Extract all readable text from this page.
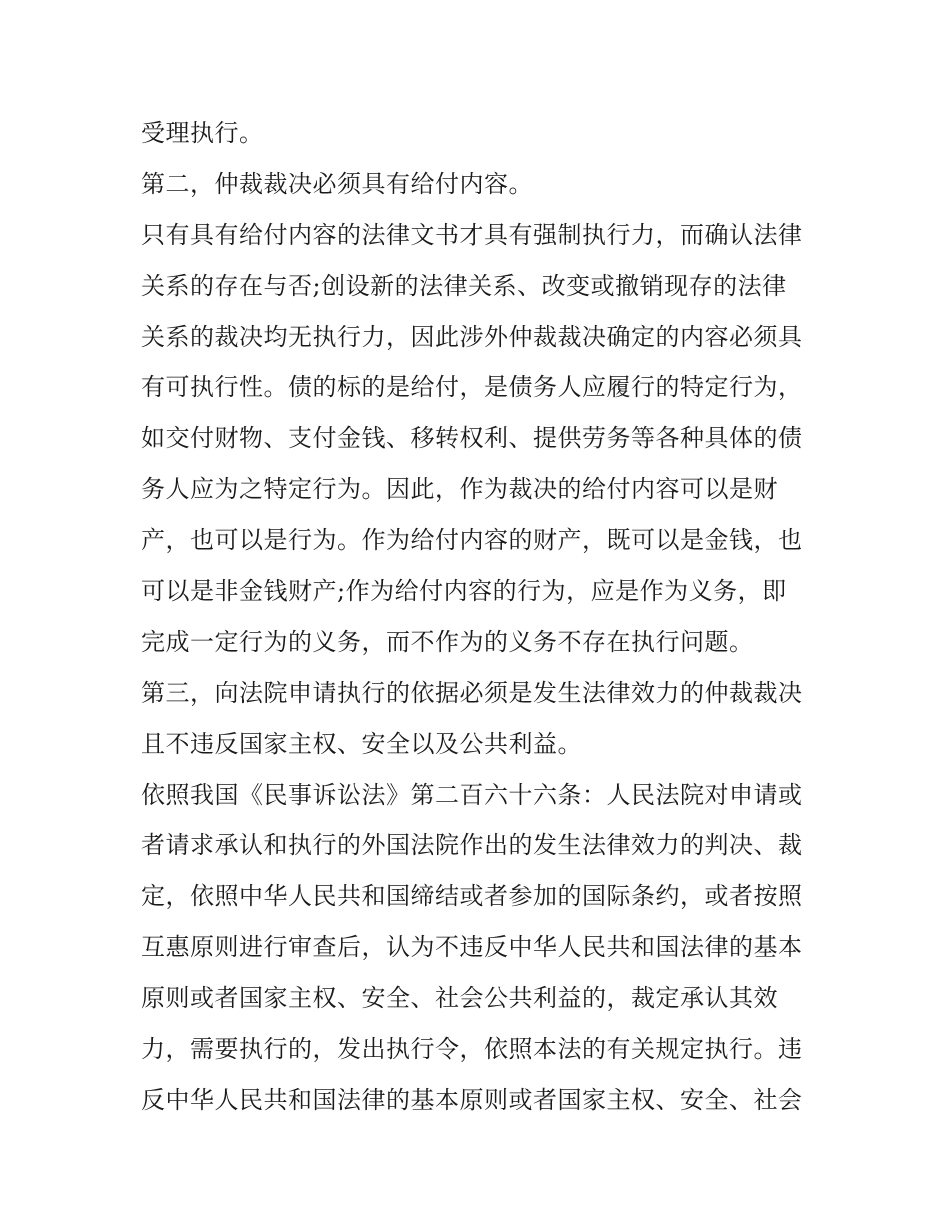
受理执行。
第二，仲裁裁决必须具有给付内容。
只有具有给付内容的法律文书才具有强制执行力，而确认法律
关系的存在与否;创设新的法律关系、改变或撤销现存的法律
关系的裁决均无执行力，因此涉外仲裁裁决确定的内容必须具
有可执行性。债的标的是给付，是债务人应履行的特定行为，
如交付财物、支付金钱、移转权利、提供劳务等各种具体的债
务人应为之特定行为。因此，作为裁决的给付内容可以是财
产，也可以是行为。作为给付内容的财产，既可以是金钱，也
可以是非金钱财产;作为给付内容的行为，应是作为义务，即
完成一定行为的义务，而不作为的义务不存在执行问题。
第三，向法院申请执行的依据必须是发生法律效力的仲裁裁决
且不违反国家主权、安全以及公共利益。
依照我国《民事诉讼法》第二百六十六条：人民法院对申请或
者请求承认和执行的外国法院作出的发生法律效力的判决、裁
定，依照中华人民共和国缔结或者参加的国际条约，或者按照
互惠原则进行审查后，认为不违反中华人民共和国法律的基本
原则或者国家主权、安全、社会公共利益的，裁定承认其效
力，需要执行的，发出执行令，依照本法的有关规定执行。违
反中华人民共和国法律的基本原则或者国家主权、安全、社会
